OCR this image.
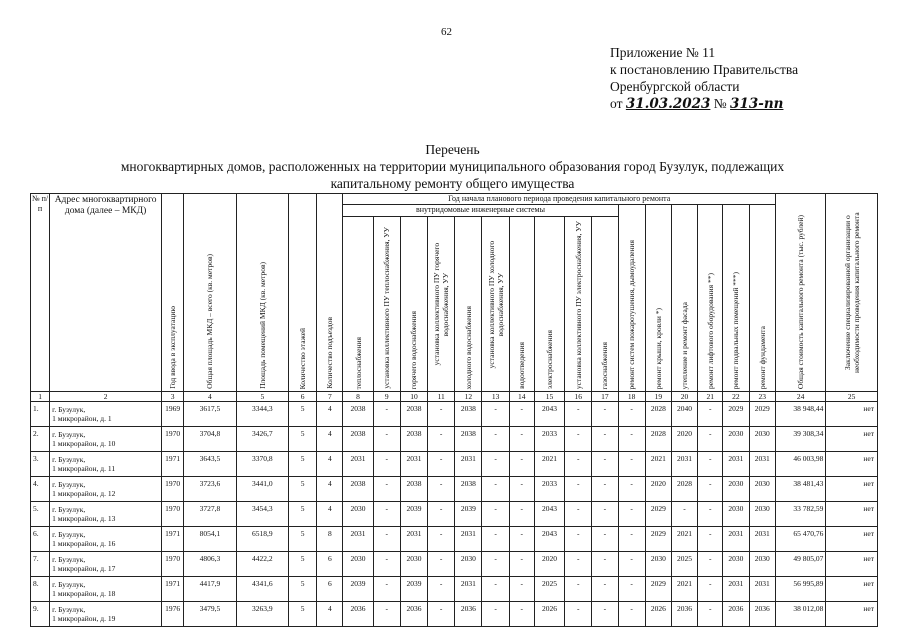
62
Приложение № 11
к постановлению Правительства
Оренбургской области
от 31.03.2023 № 313-пп
Перечень
многоквартирных домов, расположенных на территории муниципального образования город Бузулук, подлежащих
капитальному ремонту общего имущества
№ п/п	Адрес многоквартирного дома (далее – МКД)	Год ввода в эксплуатацию	Общая площадь МКД – всего (кв. метров)	Площадь помещений МКД (кв. метров)	Количество этажей	Количество подъездов	Год начала планового периода проведения капитального ремонта																Общая стоимость капитального ремонта (тыс. рублей)	Заключение специализированной организации о необходимости проведения капитального ремонта
							внутридомовые инженерные системы										ремонт систем пожаротушения, дымоудаления	ремонт крыши, кровли *)	утепление и ремонт фасада	ремонт лифтового оборудования **)	ремонт подвальных помещений ***)	ремонт фундамента		
							теплоснабжения	установка коллективного ПУ теплоснабжения, УУ	горячего водоснабжения	установка коллективного ПУ горячего водоснабжения, УУ	холодного водоснабжения	установка коллективного ПУ холодного водоснабжения, УУ	водоотведения	электроснабжения	установка коллективного ПУ электроснабжения, УУ	газоснабжения								
1	2	3	4	5	6	7	8	9	10	11	12	13	14	15	16	17	18	19	20	21	22	23	24	25
1.	г. Бузулук,
1 микрорайон, д. 1	1969	3617,5	3344,3	5	4	2038	-	2038	-	2038	-	-	2043	-	-	-	2028	2040	-	2029	2029	38 948,44	нет
2.	г. Бузулук,
1 микрорайон, д. 10	1970	3704,8	3426,7	5	4	2038	-	2038	-	2038	-	-	2033	-	-	-	2028	2020	-	2030	2030	39 308,34	нет
3.	г. Бузулук,
1 микрорайон, д. 11	1971	3643,5	3370,8	5	4	2031	-	2031	-	2031	-	-	2021	-	-	-	2021	2031	-	2031	2031	46 003,98	нет
4.	г. Бузулук,
1 микрорайон, д. 12	1970	3723,6	3441,0	5	4	2038	-	2038	-	2038	-	-	2033	-	-	-	2020	2028	-	2030	2030	38 481,43	нет
5.	г. Бузулук,
1 микрорайон, д. 13	1970	3727,8	3454,3	5	4	2030	-	2039	-	2039	-	-	2043	-	-	-	2029	-	-	2030	2030	33 782,59	нет
6.	г. Бузулук,
1 микрорайон, д. 16	1971	8054,1	6518,9	5	8	2031	-	2031	-	2031	-	-	2043	-	-	-	2029	2021	-	2031	2031	65 470,76	нет
7.	г. Бузулук,
1 микрорайон, д. 17	1970	4806,3	4422,2	5	6	2030	-	2030	-	2030	-	-	2020	-	-	-	2030	2025	-	2030	2030	49 805,07	нет
8.	г. Бузулук,
1 микрорайон, д. 18	1971	4417,9	4341,6	5	6	2039	-	2039	-	2031	-	-	2025	-	-	-	2029	2021	-	2031	2031	56 995,89	нет
9.	г. Бузулук,
1 микрорайон, д. 19	1976	3479,5	3263,9	5	4	2036	-	2036	-	2036	-	-	2026	-	-	-	2026	2036	-	2036	2036	38 012,08	нет
